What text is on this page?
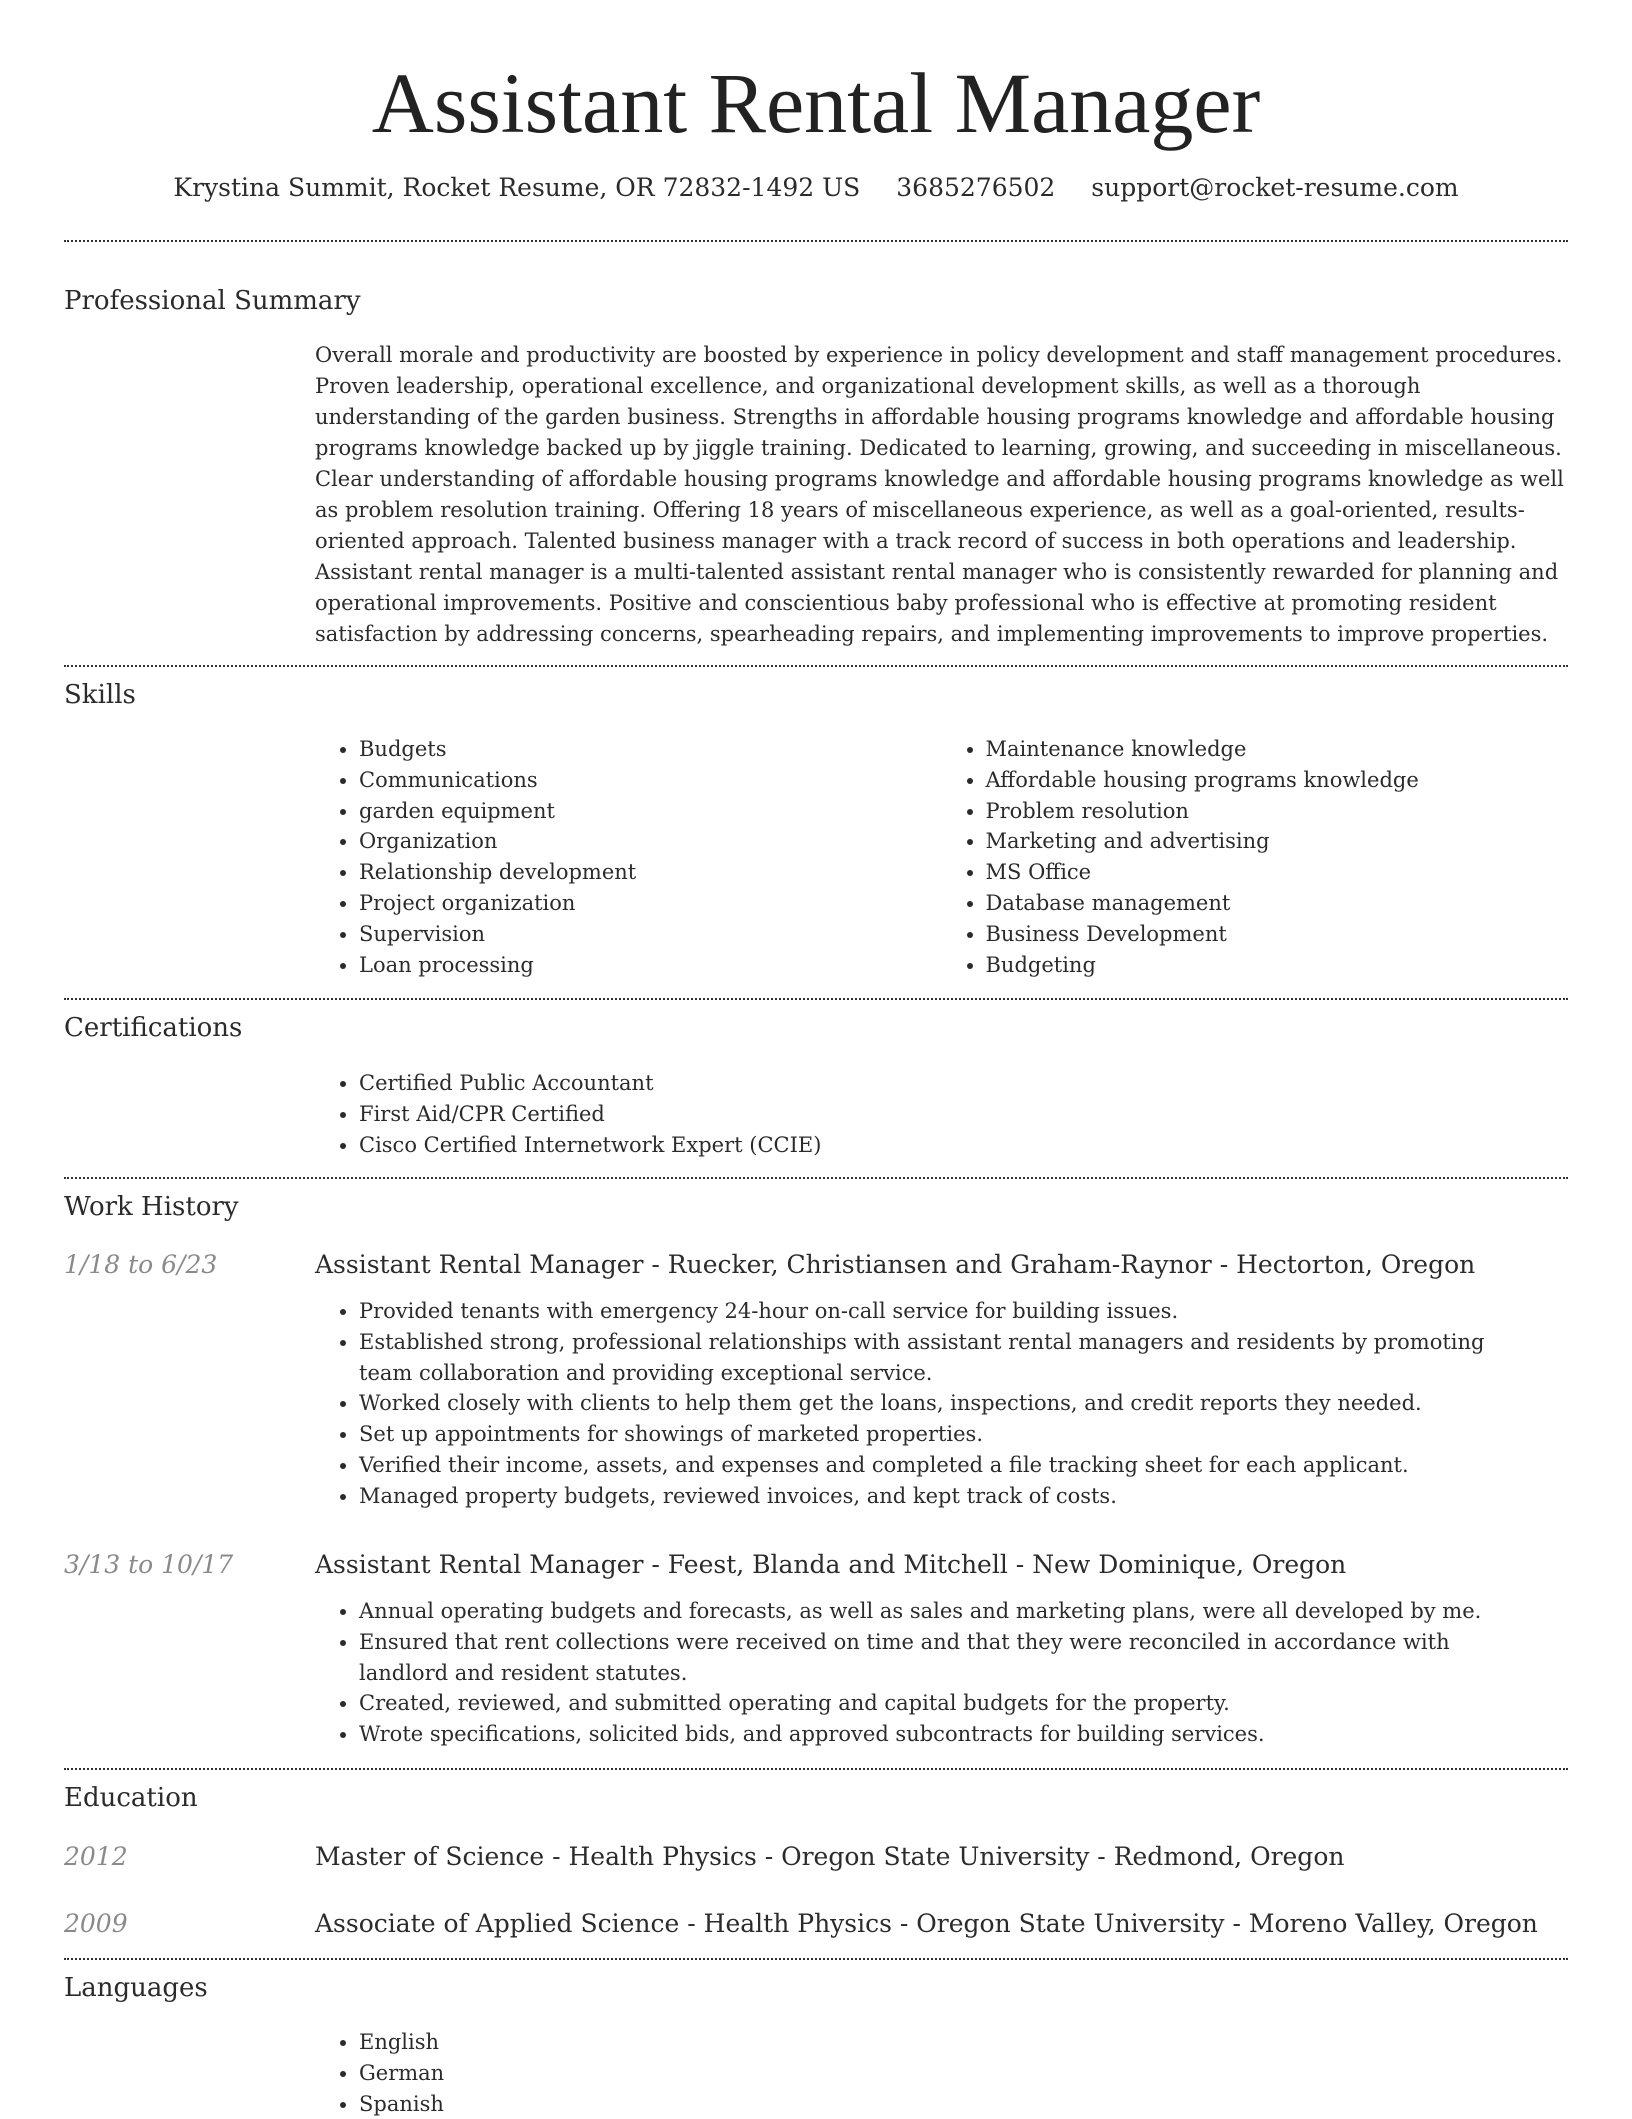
Assistant Rental Manager
Krystina Summit, Rocket Resume, OR 72832-1492 US 3685276502 support@rocket-resume.com
Professional Summary

Overall morale and productivity are boosted by experience in policy development and staff management procedures. Proven leadership, operational excellence, and organizational development skills, as well as a thorough understanding of the garden business. Strengths in affordable housing programs knowledge and affordable housing programs knowledge backed up by jiggle training. Dedicated to learning, growing, and succeeding in miscellaneous. Clear understanding of affordable housing programs knowledge and affordable housing programs knowledge as well as problem resolution training. Offering 18 years of miscellaneous experience, as well as a goal-oriented, results-oriented approach. Talented business manager with a track record of success in both operations and leadership. Assistant rental manager is a multi-talented assistant rental manager who is consistently rewarded for planning and operational improvements. Positive and conscientious baby professional who is effective at promoting resident satisfaction by addressing concerns, spearheading repairs, and implementing improvements to improve properties.

Skills
• Budgets
• Communications
• garden equipment
• Organization
• Relationship development
• Project organization
• Supervision
• Loan processing
• Maintenance knowledge
• Affordable housing programs knowledge
• Problem resolution
• Marketing and advertising
• MS Office
• Database management
• Business Development
• Budgeting
Certifications
• Certified Public Accountant
• First Aid/CPR Certified
• Cisco Certified Internetwork Expert (CCIE)
Work History
1/18 to 6/23	Assistant Rental Manager - Ruecker, Christiansen and Graham-Raynor - Hectorton, Oregon

• Provided tenants with emergency 24-hour on-call service for building issues.
• Established strong, professional relationships with assistant rental managers and residents by promoting team collaboration and providing exceptional service.
• Worked closely with clients to help them get the loans, inspections, and credit reports they needed.
• Set up appointments for showings of marketed properties.
• Verified their income, assets, and expenses and completed a file tracking sheet for each applicant.
• Managed property budgets, reviewed invoices, and kept track of costs.
3/13 to 10/17	Assistant Rental Manager - Feest, Blanda and Mitchell - New Dominique, Oregon

• Annual operating budgets and forecasts, as well as sales and marketing plans, were all developed by me.
• Ensured that rent collections were received on time and that they were reconciled in accordance with landlord and resident statutes.
• Created, reviewed, and submitted operating and capital budgets for the property.
• Wrote specifications, solicited bids, and approved subcontracts for building services.
Education
2012	Master of Science - Health Physics - Oregon State University - Redmond, Oregon

2009	Associate of Applied Science - Health Physics - Oregon State University - Moreno Valley, Oregon

Languages
• English
• German
• Spanish
